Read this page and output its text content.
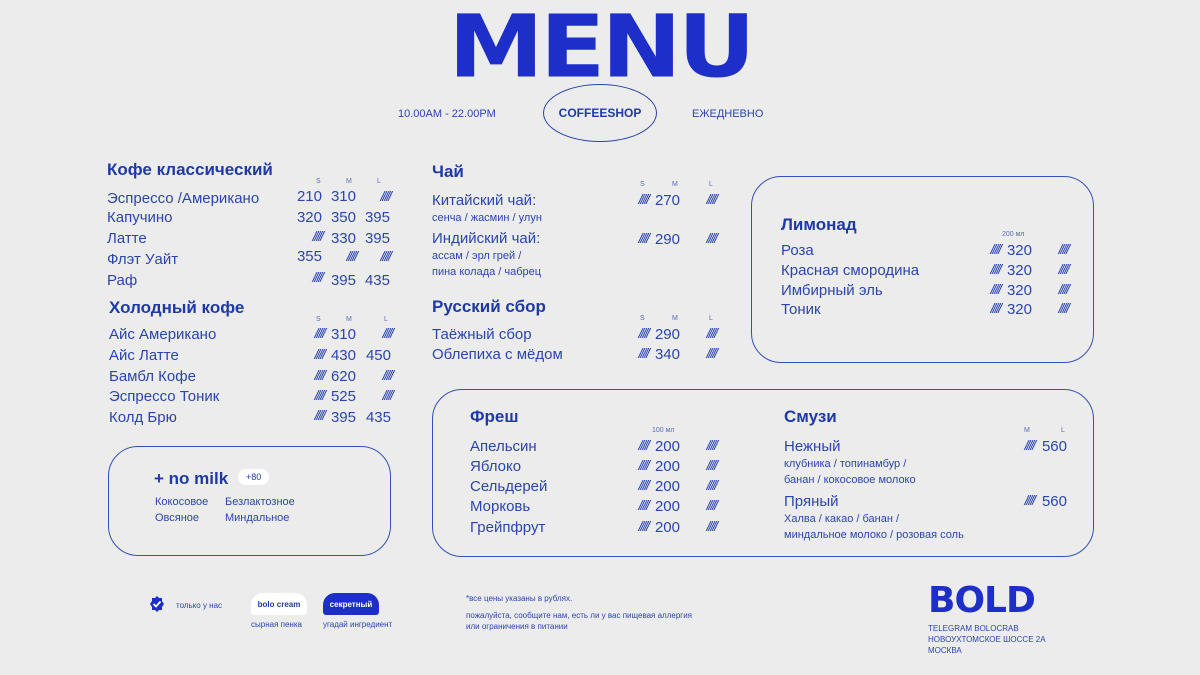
MENU
10.00AM - 22.00PM	COFFEESHOP	ЕЖЕДНЕВНО
Кофе классический
S	M	L
Эспрессо /Американо	210 310	/////
Капучино	320 350 395
Латте	///// 330 395
Флэт Уайт	355	/////	/////
Раф	///// 395 435
Холодный кофе
S	M	L
Айс Американо	///// 310	/////
Айс Латте	///// 430 450
Бамбл Кофе	///// 620	/////
Эспрессо Тоник	///// 525	/////
Колд Брю	///// 395 435
+ no milk	+80
Кокосовое Безлактозное
Овсяное Миндальное
Чай
S	M	L
Китайский чай:
сенча / жасмин / улун
///// 270	/////
Индийский чай:
ассам / эрл грей /
пина колада / чабрец
///// 290	/////
Русский сбор
S	M	L
Таёжный сбор	///// 290	/////
Облепиха с мёдом	///// 340	/////
Лимонад
200 мл
Роза	///// 320	/////
Красная смородина	///// 320	/////
Имбирный эль	///// 320	/////
Тоник	///// 320	/////
Фреш
100 мл
Апельсин	///// 200	/////
Яблоко	///// 200	/////
Сельдерей	///// 200	/////
Морковь	///// 200	/////
Грейпфрут	///// 200	/////
Смузи
M	L
Нежный
клубника / топинамбур /
банан / кокосовое молоко
///// 560
Пряный
Халва / какао / банан /
миндальное молоко / розовая соль
///// 560
только у нас	bolo cream
сырная пенка
секретный
угадай ингредиент
*все цены указаны в рублях.
пожалуйста, сообщите нам, есть ли у вас пищевая аллергия
или ограничения в питании
BOLD
TELEGRAM BOLOCRAB
НОВОУХТОМСКОЕ ШОССЕ 2А
МОСКВА
